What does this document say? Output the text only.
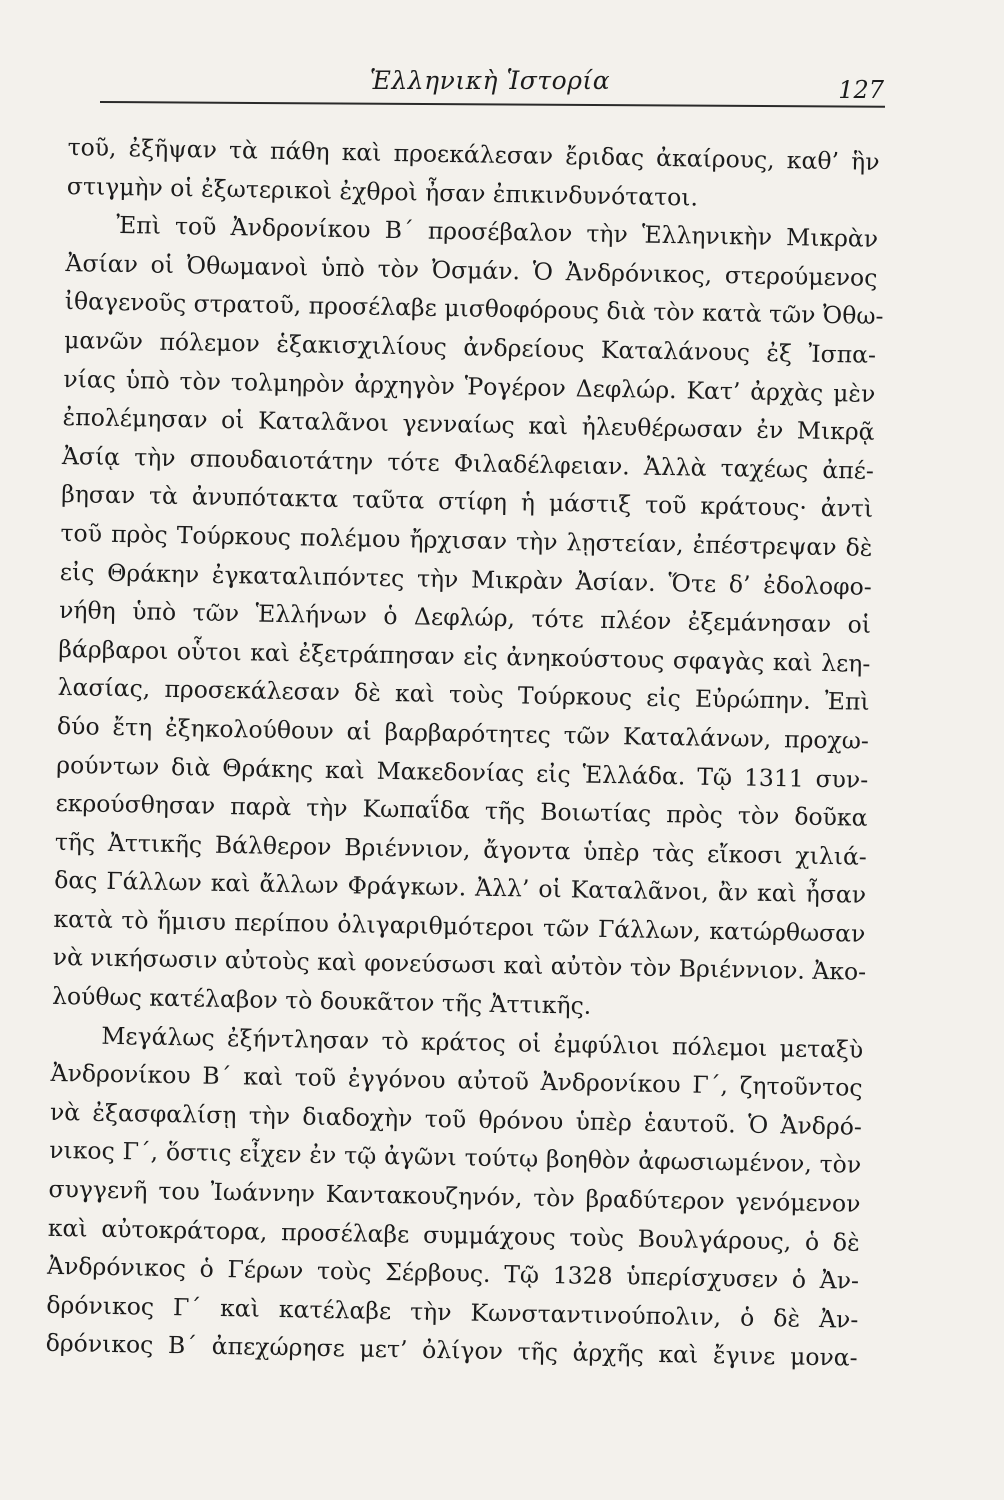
Ἑλληνικὴ Ἱστορία	127
τοῦ, ἐξῆψαν τὰ πάθη καὶ προεκάλεσαν ἔριδας ἀκαίρους, καθ’ ἣν
στιγμὴν οἱ ἐξωτερικοὶ ἐχθροὶ ἦσαν ἐπικινδυνότατοι.
Ἐπὶ τοῦ Ἀνδρονίκου Β΄ προσέβαλον τὴν Ἑλληνικὴν Μικρὰν
Ἀσίαν οἱ Ὀθωμανοὶ ὑπὸ τὸν Ὀσμάν. Ὁ Ἀνδρόνικος, στερούμενος
ἰθαγενοῦς στρατοῦ, προσέλαβε μισθοφόρους διὰ τὸν κατὰ τῶν Ὀθω-
μανῶν πόλεμον ἑξακισχιλίους ἀνδρείους Καταλάνους ἐξ Ἰσπα-
νίας ὑπὸ τὸν τολμηρὸν ἀρχηγὸν Ῥογέρον Δεφλώρ. Κατ’ ἀρχὰς μὲν
ἐπολέμησαν οἱ Καταλᾶνοι γενναίως καὶ ἠλευθέρωσαν ἐν Μικρᾷ
Ἀσίᾳ τὴν σπουδαιοτάτην τότε Φιλαδέλφειαν. Ἀλλὰ ταχέως ἀπέ-
βησαν τὰ ἀνυπότακτα ταῦτα στίφη ἡ μάστιξ τοῦ κράτους· ἀντὶ
τοῦ πρὸς Τούρκους πολέμου ἤρχισαν τὴν λῃστείαν, ἐπέστρεψαν δὲ
εἰς Θράκην ἐγκαταλιπόντες τὴν Μικρὰν Ἀσίαν. Ὅτε δ’ ἐδολοφο-
νήθη ὑπὸ τῶν Ἑλλήνων ὁ Δεφλώρ, τότε πλέον ἐξεμάνησαν οἱ
βάρβαροι οὗτοι καὶ ἐξετράπησαν εἰς ἀνηκούστους σφαγὰς καὶ λεη-
λασίας, προσεκάλεσαν δὲ καὶ τοὺς Τούρκους εἰς Εὐρώπην. Ἐπὶ
δύο ἔτη ἐξηκολούθουν αἱ βαρβαρότητες τῶν Καταλάνων, προχω-
ρούντων διὰ Θράκης καὶ Μακεδονίας εἰς Ἑλλάδα. Τῷ 1311 συν-
εκρούσθησαν παρὰ τὴν Κωπαΐδα τῆς Βοιωτίας πρὸς τὸν δοῦκα
τῆς Ἀττικῆς Βάλθερον Βριέννιον, ἄγοντα ὑπὲρ τὰς εἴκοσι χιλιά-
δας Γάλλων καὶ ἄλλων Φράγκων. Ἀλλ’ οἱ Καταλᾶνοι, ἂν καὶ ἦσαν
κατὰ τὸ ἥμισυ περίπου ὀλιγαριθμότεροι τῶν Γάλλων, κατώρθωσαν
νὰ νικήσωσιν αὐτοὺς καὶ φονεύσωσι καὶ αὐτὸν τὸν Βριέννιον. Ἀκο-
λούθως κατέλαβον τὸ δουκᾶτον τῆς Ἀττικῆς.
Μεγάλως ἐξήντλησαν τὸ κράτος οἱ ἐμφύλιοι πόλεμοι μεταξὺ
Ἀνδρονίκου Β΄ καὶ τοῦ ἐγγόνου αὐτοῦ Ἀνδρονίκου Γ΄, ζητοῦντος
νὰ ἐξασφαλίσῃ τὴν διαδοχὴν τοῦ θρόνου ὑπὲρ ἑαυτοῦ. Ὁ Ἀνδρό-
νικος Γ΄, ὅστις εἶχεν ἐν τῷ ἀγῶνι τούτῳ βοηθὸν ἀφωσιωμένον, τὸν
συγγενῆ του Ἰωάννην Καντακουζηνόν, τὸν βραδύτερον γενόμενον
καὶ αὐτοκράτορα, προσέλαβε συμμάχους τοὺς Βουλγάρους, ὁ δὲ
Ἀνδρόνικος ὁ Γέρων τοὺς Σέρβους. Τῷ 1328 ὑπερίσχυσεν ὁ Ἀν-
δρόνικος Γ΄ καὶ κατέλαβε τὴν Κωνσταντινούπολιν, ὁ δὲ Ἀν-
δρόνικος Β΄ ἀπεχώρησε μετ’ ὀλίγον τῆς ἀρχῆς καὶ ἔγινε μονα-
